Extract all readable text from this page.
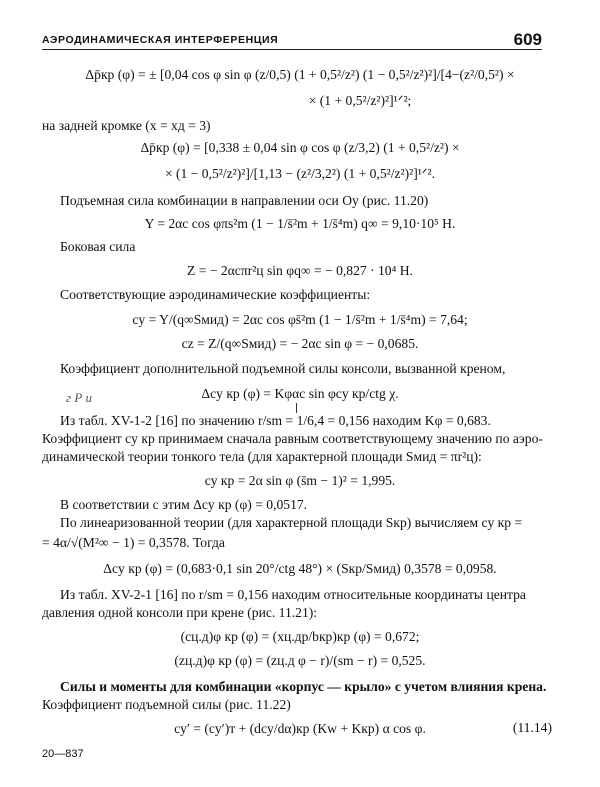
АЭРОДИНАМИЧЕСКАЯ ИНТЕРФЕРЕНЦИЯ	609
Δp̄кр (φ) = ± [0,04 cos φ sin φ (z/0,5) (1 + 0,5²/z²) (1 − 0,5²/z²)²]/[4−(z²/0,5²) ×
× (1 + 0,5²/z²)²]¹ᐟ²;
на задней кромке (x = xд = 3)
Δp̄кр (φ) = [0,338 ± 0,04 sin φ cos φ (z/3,2) (1 + 0,5²/z²) ×
× (1 − 0,5²/z²)²]/[1,13 − (z²/3,2²) (1 + 0,5²/z²)²]¹ᐟ².
Подъемная сила комбинации в направлении оси Oy (рис. 11.20)
Y = 2αc cos φπs²m (1 − 1/s̄²m + 1/s̄⁴m) q∞ = 9,10·10⁵ Н.
Боковая сила
Z = − 2αcπr²ц sin φq∞ = − 0,827 · 10⁴ Н.
Соответствующие аэродинамические коэффициенты:
cy = Y/(q∞Sмид) = 2αc cos φs̄²m (1 − 1/s̄²m + 1/s̄⁴m) = 7,64;
cz = Z/(q∞Sмид) = − 2αc sin φ = − 0,0685.
Коэффициент дополнительной подъемной силы консоли, вызванной креном,
г Р и	Δcy кр (φ) = Kφαc sin φcy кр/ctg χ.
Из табл. XV-1-2 [16] по значению r/sm = 1/6,4 = 0,156 находим Kφ = 0,683.
Коэффициент cy кр принимаем сначала равным соответствующему значению по аэро-
динамической теории тонкого тела (для характерной площади Sмид = πr²ц):
cy кр = 2α sin φ (s̄m − 1)² = 1,995.
В соответствии с этим Δcy кр (φ) = 0,0517.
По линеаризованной теории (для характерной площади Sкр) вычисляем cy кр =
= 4α/√(M²∞ − 1) = 0,3578. Тогда
Δcy кр (φ) = (0,683·0,1 sin 20°/ctg 48°) × (Sкр/Sмид) 0,3578 = 0,0958.
Из табл. XV-2-1 [16] по r/sm = 0,156 находим относительные координаты центра
давления одной консоли при крене (рис. 11.21):
(cц.д)φ кр (φ) = (xц.др/bкр)кр (φ) = 0,672;
(zц.д)φ кр (φ) = (zц.д φ − r)/(sm − r) = 0,525.
Силы и моменты для комбинации «корпус — крыло» с учетом влияния крена.
Коэффициент подъемной силы (рис. 11.22)
cy′ = (cy′)т + (dcy/dα)кр (Kw + Kкр) α cos φ.	(11.14)
20—837
